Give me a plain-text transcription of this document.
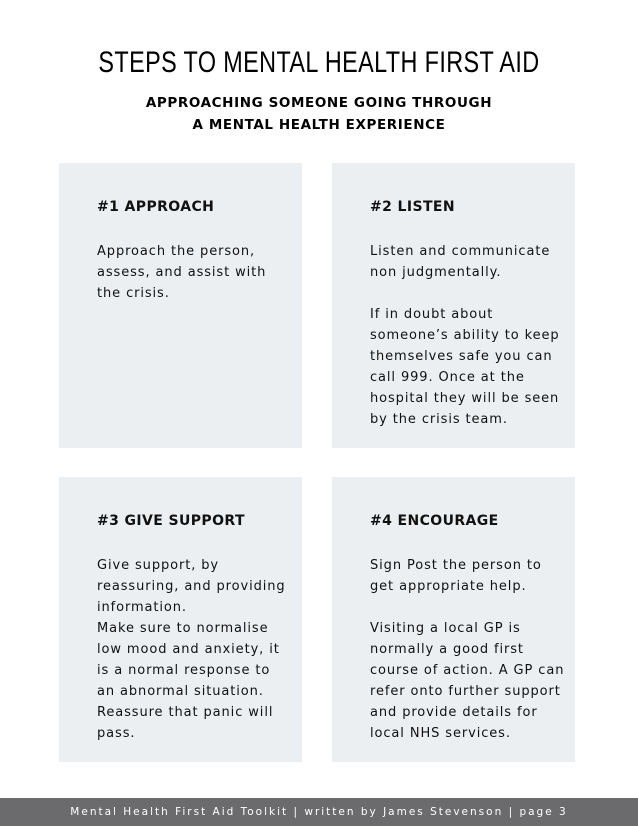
STEPS TO MENTAL HEALTH FIRST AID
APPROACHING SOMEONE GOING THROUGH
A MENTAL HEALTH EXPERIENCE
#1 APPROACH
Approach the person,
assess, and assist with
the crisis.
#2 LISTEN
Listen and communicate
non judgmentally.
If in doubt about
someone’s ability to keep
themselves safe you can
call 999. Once at the
hospital they will be seen
by the crisis team.
#3 GIVE SUPPORT
Give support, by
reassuring, and providing
information.
Make sure to normalise
low mood and anxiety, it
is a normal response to
an abnormal situation.
Reassure that panic will
pass.
#4 ENCOURAGE
Sign Post the person to
get appropriate help.
Visiting a local GP is
normally a good first
course of action. A GP can
refer onto further support
and provide details for
local NHS services.
Mental Health First Aid Toolkit | written by James Stevenson | page 3
